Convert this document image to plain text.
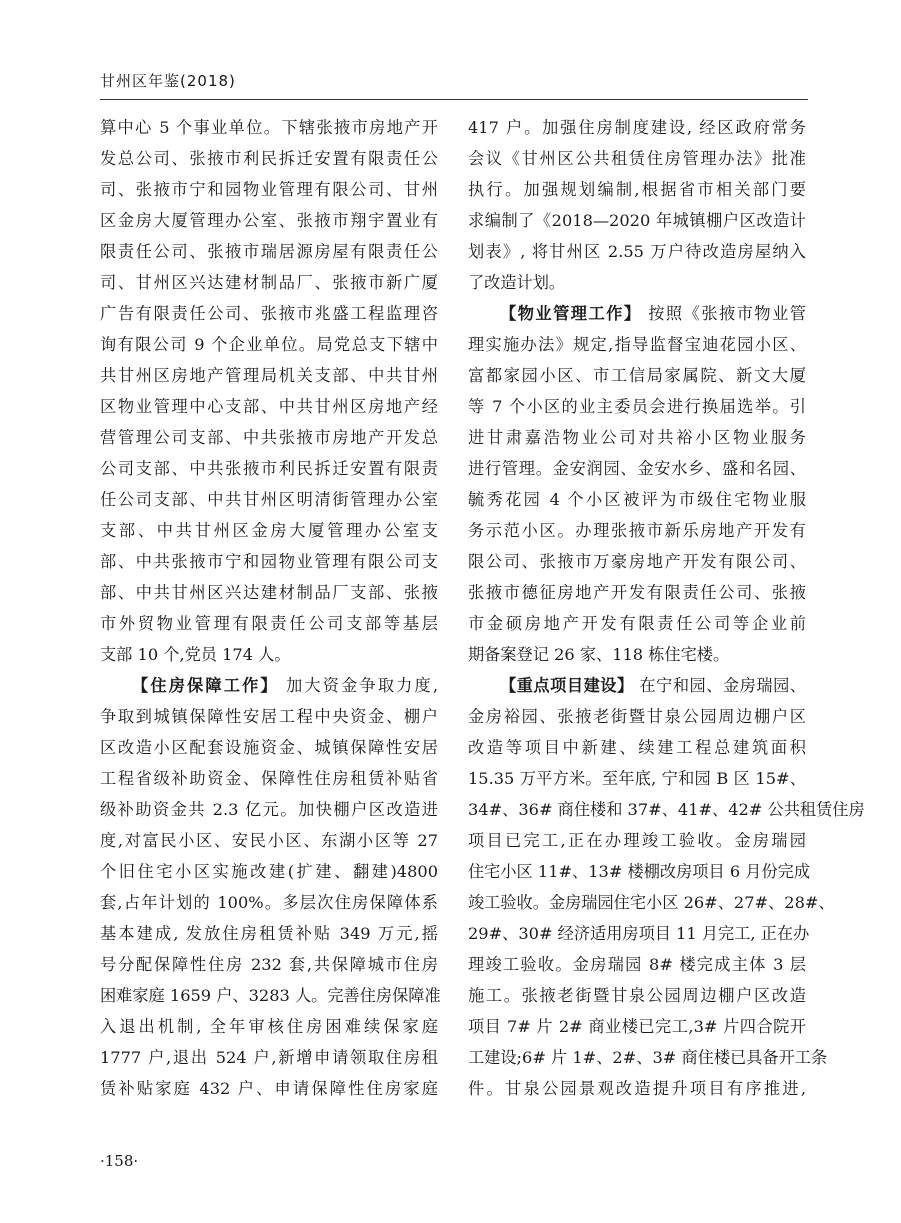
甘州区年鉴(2018)
算中心 5 个事业单位。下辖张掖市房地产开
发总公司、张掖市利民拆迁安置有限责任公
司、张掖市宁和园物业管理有限公司、甘州
区金房大厦管理办公室、张掖市翔宇置业有
限责任公司、张掖市瑞居源房屋有限责任公
司、甘州区兴达建材制品厂、张掖市新广厦
广告有限责任公司、张掖市兆盛工程监理咨
询有限公司 9 个企业单位。局党总支下辖中
共甘州区房地产管理局机关支部、中共甘州
区物业管理中心支部、中共甘州区房地产经
营管理公司支部、中共张掖市房地产开发总
公司支部、中共张掖市利民拆迁安置有限责
任公司支部、中共甘州区明清街管理办公室
支部、中共甘州区金房大厦管理办公室支
部、中共张掖市宁和园物业管理有限公司支
部、中共甘州区兴达建材制品厂支部、张掖
市外贸物业管理有限责任公司支部等基层
支部 10 个,党员 174 人。
【住房保障工作】 加大资金争取力度,
争取到城镇保障性安居工程中央资金、棚户
区改造小区配套设施资金、城镇保障性安居
工程省级补助资金、保障性住房租赁补贴省
级补助资金共 2.3 亿元。加快棚户区改造进
度,对富民小区、安民小区、东湖小区等 27
个旧住宅小区实施改建(扩建、翻建)4800
套,占年计划的 100%。多层次住房保障体系
基本建成, 发放住房租赁补贴 349 万元,摇
号分配保障性住房 232 套,共保障城市住房
困难家庭 1659 户、3283 人。完善住房保障准
入退出机制, 全年审核住房困难续保家庭
1777 户,退出 524 户,新增申请领取住房租
赁补贴家庭 432 户、申请保障性住房家庭
417 户。加强住房制度建设, 经区政府常务
会议《甘州区公共租赁住房管理办法》批准
执行。加强规划编制,根据省市相关部门要
求编制了《2018—2020 年城镇棚户区改造计
划表》, 将甘州区 2.55 万户待改造房屋纳入
了改造计划。
【物业管理工作】 按照《张掖市物业管
理实施办法》规定,指导监督宝迪花园小区、
富都家园小区、市工信局家属院、新文大厦
等 7 个小区的业主委员会进行换届选举。引
进甘肃嘉浩物业公司对共裕小区物业服务
进行管理。金安润园、金安水乡、盛和名园、
毓秀花园 4 个小区被评为市级住宅物业服
务示范小区。办理张掖市新乐房地产开发有
限公司、张掖市万豪房地产开发有限公司、
张掖市德征房地产开发有限责任公司、张掖
市金硕房地产开发有限责任公司等企业前
期备案登记 26 家、118 栋住宅楼。
【重点项目建设】 在宁和园、金房瑞园、
金房裕园、张掖老街暨甘泉公园周边棚户区
改造等项目中新建、续建工程总建筑面积
15.35 万平方米。至年底, 宁和园 B 区 15#、
34#、36# 商住楼和 37#、41#、42# 公共租赁住房
项目已完工,正在办理竣工验收。金房瑞园
住宅小区 11#、13# 楼棚改房项目 6 月份完成
竣工验收。金房瑞园住宅小区 26#、27#、28#、
29#、30# 经济适用房项目 11 月完工, 正在办
理竣工验收。金房瑞园 8# 楼完成主体 3 层
施工。张掖老街暨甘泉公园周边棚户区改造
项目 7# 片 2# 商业楼已完工,3# 片四合院开
工建设;6# 片 1#、2#、3# 商住楼已具备开工条
件。甘泉公园景观改造提升项目有序推进,
·158·
